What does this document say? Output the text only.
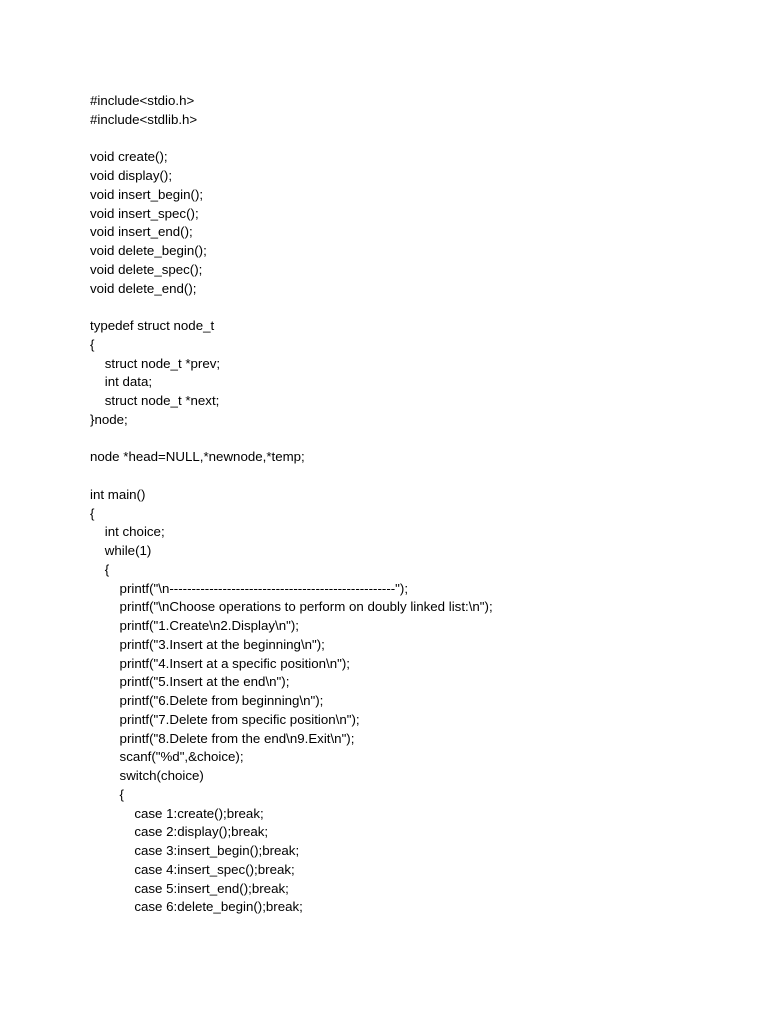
#include<stdio.h>
#include<stdlib.h>
void create();
void display();
void insert_begin();
void insert_spec();
void insert_end();
void delete_begin();
void delete_spec();
void delete_end();
typedef struct node_t
{
struct node_t *prev;
int data;
struct node_t *next;
}node;
node *head=NULL,*newnode,*temp;
int main()
{
int choice;
while(1)
{
printf("\n---------------------------------------------------");
printf("\nChoose operations to perform on doubly linked list:\n");
printf("1.Create\n2.Display\n");
printf("3.Insert at the beginning\n");
printf("4.Insert at a specific position\n");
printf("5.Insert at the end\n");
printf("6.Delete from beginning\n");
printf("7.Delete from specific position\n");
printf("8.Delete from the end\n9.Exit\n");
scanf("%d",&choice);
switch(choice)
{
case 1:create();break;
case 2:display();break;
case 3:insert_begin();break;
case 4:insert_spec();break;
case 5:insert_end();break;
case 6:delete_begin();break;
